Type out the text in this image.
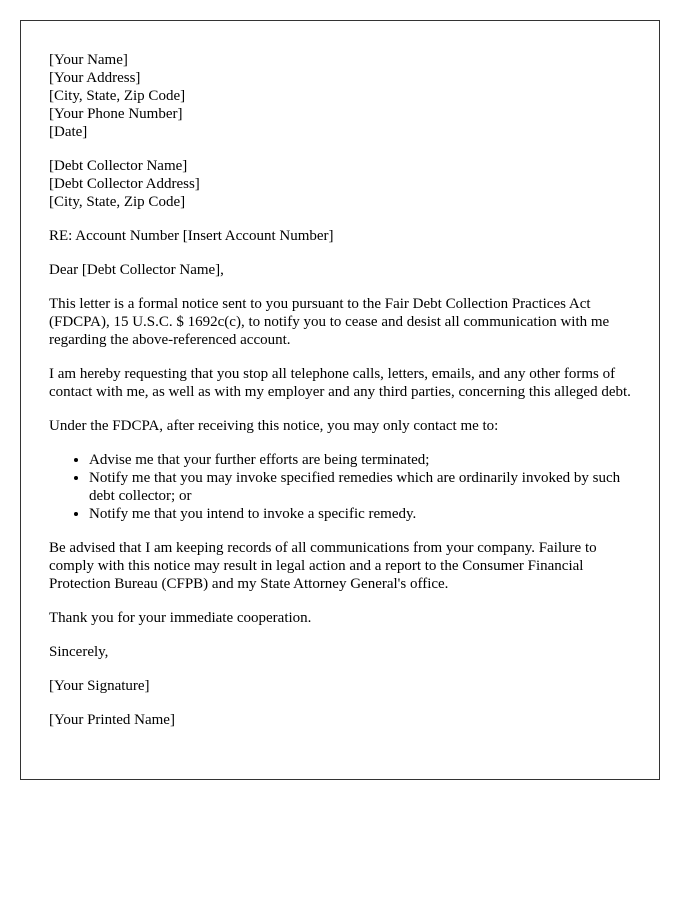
[Your Name]
[Your Address]
[City, State, Zip Code]
[Your Phone Number]
[Date]
[Debt Collector Name]
[Debt Collector Address]
[City, State, Zip Code]

RE: Account Number [Insert Account Number]

Dear [Debt Collector Name],

This letter is a formal notice sent to you pursuant to the Fair Debt Collection Practices Act (FDCPA), 15 U.S.C. $ 1692c(c), to notify you to cease and desist all communication with me regarding the above-referenced account.

I am hereby requesting that you stop all telephone calls, letters, emails, and any other forms of contact with me, as well as with my employer and any third parties, concerning this alleged debt.

Under the FDCPA, after receiving this notice, you may only contact me to:

• Advise me that your further efforts are being terminated;
• Notify me that you may invoke specified remedies which are ordinarily invoked by such debt collector; or
• Notify me that you intend to invoke a specific remedy.

Be advised that I am keeping records of all communications from your company. Failure to comply with this notice may result in legal action and a report to the Consumer Financial Protection Bureau (CFPB) and my State Attorney General's office.

Thank you for your immediate cooperation.

Sincerely,

[Your Signature]

[Your Printed Name]
